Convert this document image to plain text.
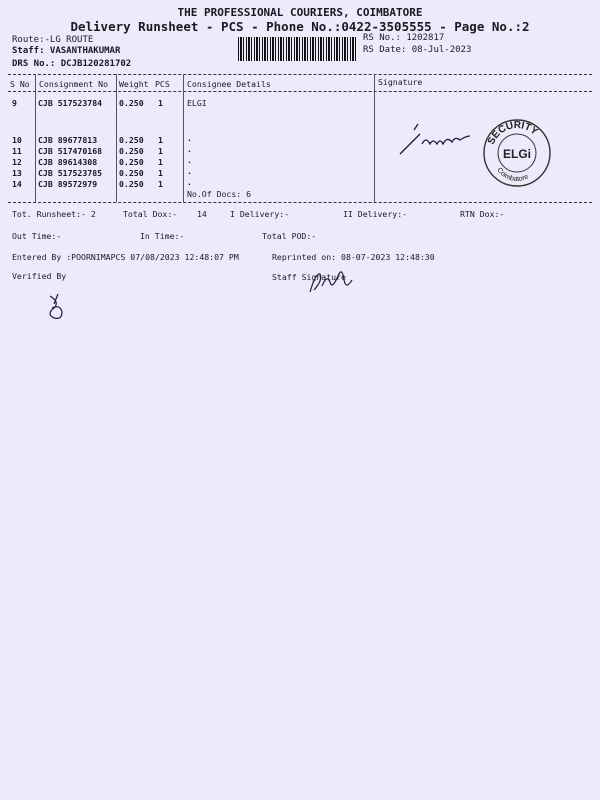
THE PROFESSIONAL COURIERS, COIMBATORE
Delivery Runsheet - PCS - Phone No.:0422-3505555 - Page No.:2
Route:-LG ROUTE
Staff: VASANTHAKUMAR
DRS No.: DCJB120281702
RS No.: 1202817
RS Date: 08-Jul-2023
S No Consignment No Weight PCS Consignee Details	Signature
9	CJB 517523784 0.250 1	ELGI
10 CJB 89677813	0.250 1	.
11 CJB 517470168 0.250 1	.
12 CJB 89614308	0.250 1	.
13 CJB 517523785 0.250 1	.
14 CJB 89572979	0.250 1	.
No.Of Docs: 6
SECURITY
ELGi
Coimbatore
Tot. Runsheet:- 2	Total Dox:-    14	I Delivery:-	II Delivery:-	RTN Dox:-
Out Time:-	In Time:-	Total POD:-
Entered By :POORNIMAPCS 07/08/2023 12:48:07 PM	Reprinted on: 08-07-2023 12:48:30
Verified By	Staff Signature
